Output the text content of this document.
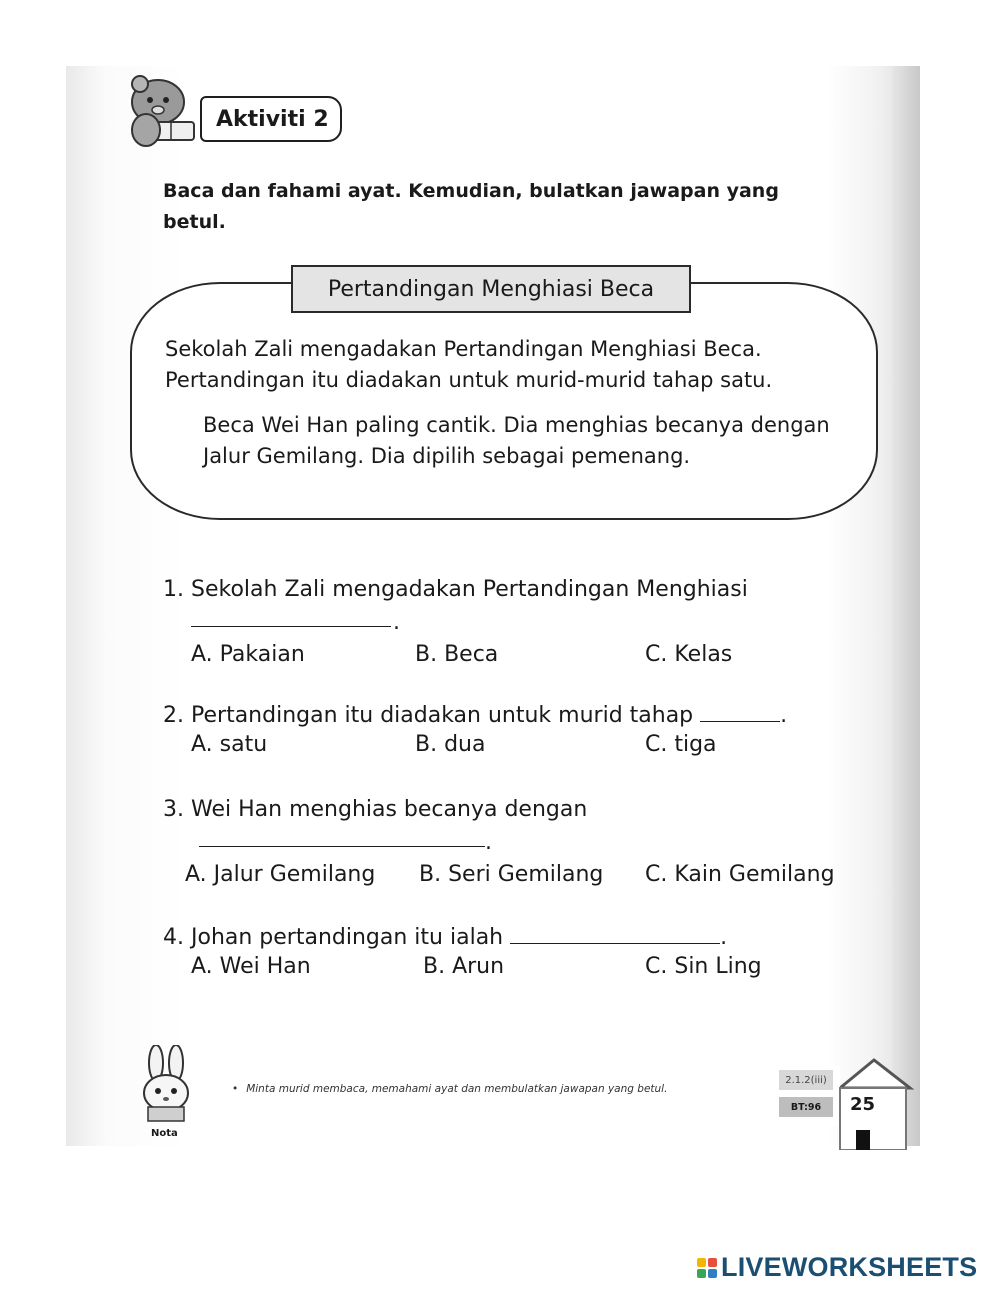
Aktiviti 2
Baca dan fahami ayat. Kemudian, bulatkan jawapan yang betul.
Pertandingan Menghiasi Beca

Sekolah Zali mengadakan Pertandingan Menghiasi Beca. Pertandingan itu diadakan untuk murid-murid tahap satu.

Beca Wei Han paling cantik. Dia menghias becanya dengan Jalur Gemilang. Dia dipilih sebagai pemenang.

1. Sekolah Zali mengadakan Pertandingan Menghiasi
.
A. Pakaian	B. Beca	C. Kelas
2. Pertandingan itu diadakan untuk murid tahap	.
A. satu	B. dua	C. tiga
3. Wei Han menghias becanya dengan
.
A. Jalur Gemilang B. Seri Gemilang C. Kain Gemilang
4. Johan pertandingan itu ialah	.
A. Wei Han	B. Arun	C. Sin Ling
Nota
• Minta murid membaca, memahami ayat dan membulatkan jawapan yang betul.
2.1.2(iii)
BT:96	25
LIVE WORKSHEETS
